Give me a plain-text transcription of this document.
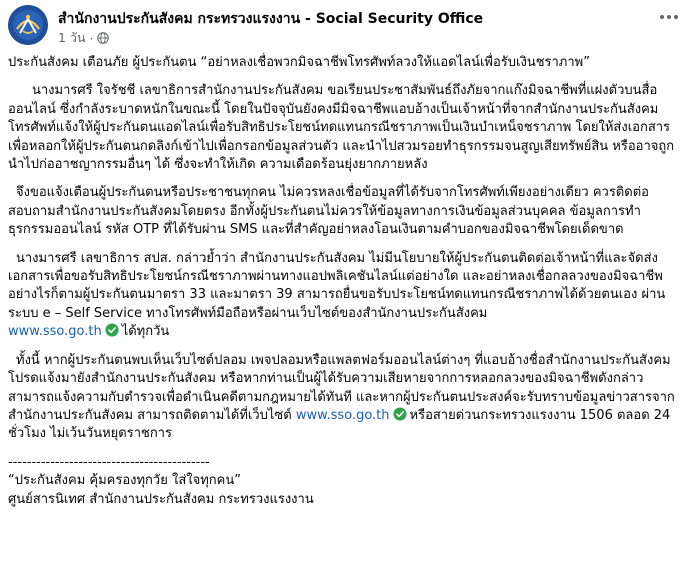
สำนักงานประกันสังคม กระทรวงแรงงาน - Social Security Office
1 วัน ·

ประกันสังคม เตือนภัย ผู้ประกันตน “อย่าหลงเชื่อพวกมิจฉาชีพโทรศัพท์ลวงให้แอดไลน์เพื่อรับเงินชราภาพ”

นางมารศรี ใจรัชชี เลขาธิการสำนักงานประกันสังคม ขอเรียนประชาสัมพันธ์ถึงภัยจากแก๊งมิจฉาชีพที่แฝงตัวบนสื่อออนไลน์ ซึ่งกำลังระบาดหนักในขณะนี้ โดยในปัจจุบันยังคงมีมิจฉาชีพแอบอ้างเป็นเจ้าหน้าที่จากสำนักงานประกันสังคมโทรศัพท์แจ้งให้ผู้ประกันตนแอดไลน์เพื่อรับสิทธิประโยชน์ทดแทนกรณีชราภาพเป็นเงินบำเหน็จชราภาพ โดยให้ส่งเอกสารเพื่อหลอกให้ผู้ประกันตนกดลิงก์เข้าไปเพื่อกรอกข้อมูลส่วนตัว และนำไปสวมรอยทำธุรกรรมจนสูญเสียทรัพย์สิน หรืออาจถูกนำไปก่ออาชญากรรมอื่นๆ ได้ ซึ่งจะทำให้เกิด ความเดือดร้อนยุ่งยากภายหลัง

จึงขอแจ้งเตือนผู้ประกันตนหรือประชาชนทุกคน ไม่ควรหลงเชื่อข้อมูลที่ได้รับจากโทรศัพท์เพียงอย่างเดียว ควรติดต่อสอบถามสำนักงานประกันสังคมโดยตรง อีกทั้งผู้ประกันตนไม่ควรให้ข้อมูลทางการเงินข้อมูลส่วนบุคคล ข้อมูลการทำธุรกรรมออนไลน์ รหัส OTP ที่ได้รับผ่าน SMS และที่สำคัญอย่าหลงโอนเงินตามคำบอกของมิจฉาชีพโดยเด็ดขาด

นางมารศรี เลขาธิการ สปส. กล่าวย้ำว่า สำนักงานประกันสังคม ไม่มีนโยบายให้ผู้ประกันตนติดต่อเจ้าหน้าที่และจัดส่งเอกสารเพื่อขอรับสิทธิประโยชน์กรณีชราภาพผ่านทางแอปพลิเคชันไลน์แต่อย่างใด และอย่าหลงเชื่อกลลวงของมิจฉาชีพ อย่างไรก็ตามผู้ประกันตนมาตรา 33 และมาตรา 39 สามารถยื่นขอรับประโยชน์ทดแทนกรณีชราภาพได้ด้วยตนเอง ผ่านระบบ e – Self Service ทางโทรศัพท์มือถือหรือผ่านเว็บไซต์ของสำนักงานประกันสังคม
www.sso.go.th ได้ทุกวัน

ทั้งนี้ หากผู้ประกันตนพบเห็นเว็บไซต์ปลอม เพจปลอมหรือแพลตฟอร์มออนไลน์ต่างๆ ที่แอบอ้างชื่อสำนักงานประกันสังคมโปรดแจ้งมายังสำนักงานประกันสังคม หรือหากท่านเป็นผู้ได้รับความเสียหายจากการหลอกลวงของมิจฉาชีพดังกล่าว สามารถแจ้งความกับตำรวจเพื่อดำเนินคดีตามกฎหมายได้ทันที และหากผู้ประกันตนประสงค์จะรับทราบข้อมูลข่าวสารจากสำนักงานประกันสังคม สามารถติดตามได้ที่เว็บไซต์ www.sso.go.th หรือสายด่วนกระทรวงแรงงาน 1506 ตลอด 24 ชั่วโมง ไม่เว้นวันหยุดราชการ

-------------------------------------------
“ประกันสังคม คุ้มครองทุกวัย ใส่ใจทุกคน”
ศูนย์สารนิเทศ สำนักงานประกันสังคม กระทรวงแรงงาน
